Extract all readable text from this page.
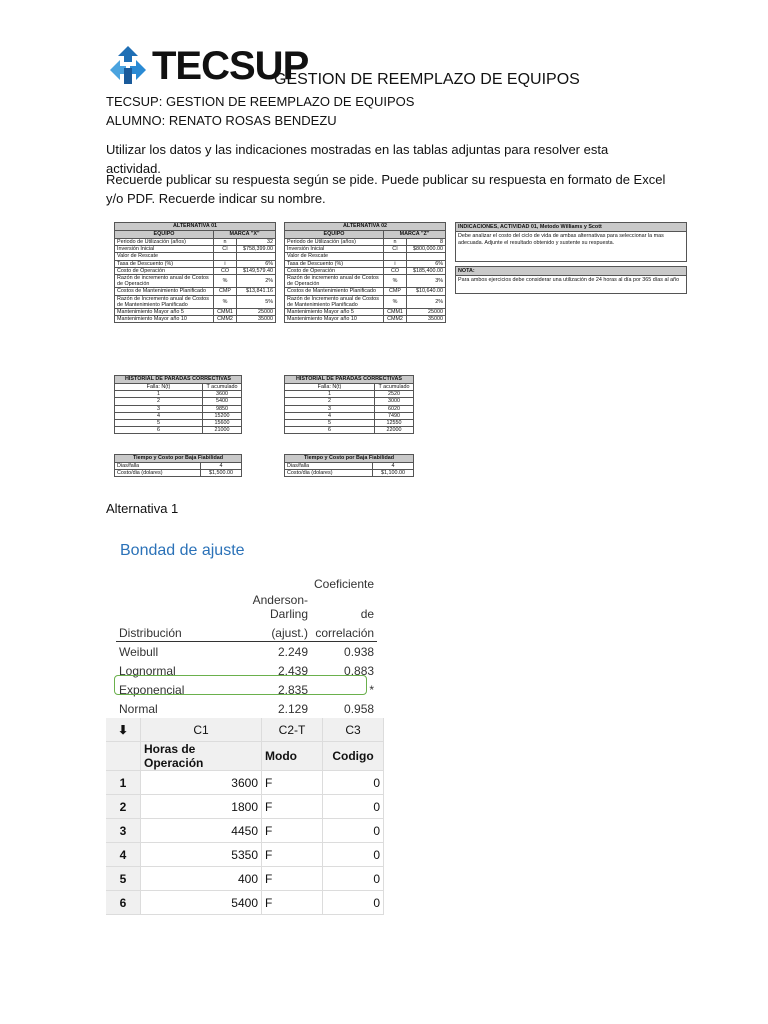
TECSUP
GESTION DE REEMPLAZO DE EQUIPOS
TECSUP: GESTION DE REEMPLAZO DE EQUIPOS
ALUMNO: RENATO ROSAS BENDEZU
Utilizar los datos y las indicaciones mostradas en las tablas adjuntas para resolver esta actividad.
Recuerde publicar su respuesta según se pide. Puede publicar su respuesta en formato de Excel y/o PDF. Recuerde indicar su nombre.
ALTERNATIVA 01		
EQUIPO	MARCA "X"	
Periodo de Utilización (años)	n	32
Inversión Inicial	CI	$758,399.00
Valor de Rescate		
Tasa de Descuento (%)	i	6%
Costo de Operación	CO	$149,579.40
Razón de incremento anual de Costos de Operación	%	2%
Costos de Mantenimiento Planificado	CMP	$13,841.16
Razón de Incremento anual de Costos de Mantenimiento Planificado	%	5%
Mantenimiento Mayor año 5	CMM1	25000
Mantenimiento Mayor año 10	CMM2	35000
ALTERNATIVA 02		
EQUIPO	MARCA "Z"	
Periodo de Utilización (años)	n	8
Inversión Inicial	CI	$800,000.00
Valor de Rescate		
Tasa de Descuento (%)	i	6%
Costo de Operación	CO	$185,400.00
Razón de incremento anual de Costos de Operación	%	3%
Costos de Mantenimiento Planificado	CMP	$10,640.00
Razón de Incremento anual de Costos de Mantenimiento Planificado	%	2%
Mantenimiento Mayor año 5	CMM1	25000
Mantenimiento Mayor año 10	CMM2	35000
INDICACIONES, ACTIVIDAD 01, Metodo Williams y Scott
Debe analizar el costo del ciclo de vida de ambas alternativas para seleccionar la mas adecuada. Adjunte el resultado obtenido y sustente su respuesta.
NOTA:
Para ambos ejercicios debe considerar una utilización de 24 horas al día por 365 días al año
HISTORIAL DE PARADAS CORRECTIVAS	
Falla: N(t)	T acumulado
1	3600
2	5400
3	9850
4	15200
5	15600
6	21000
HISTORIAL DE PARADAS CORRECTIVAS	
Falla: N(t)	T acumulado
1	2520
2	3000
3	6020
4	7490
5	12550
6	22000
Tiempo y Costo por Baja Fiabilidad	
Dias/falla	4
Costo/dia (dolares)	$1,500.00
Tiempo y Costo por Baja Fiabilidad	
Dias/falla	4
Costo/dia (dolares)	$1,100.00
Alternativa 1
Bondad de ajuste
		Coeficiente
	Anderson-Darling	de
Distribución	(ajust.)	correlación
Weibull	2.249	0.938
Lognormal	2.439	0.883
Exponencial	2.835	*
Normal	2.129	0.958
⬇	C1	C2-T	C3
	Horas de Operación	Modo	Codigo
1	3600	F	0
2	1800	F	0
3	4450	F	0
4	5350	F	0
5	400	F	0
6	5400	F	0
